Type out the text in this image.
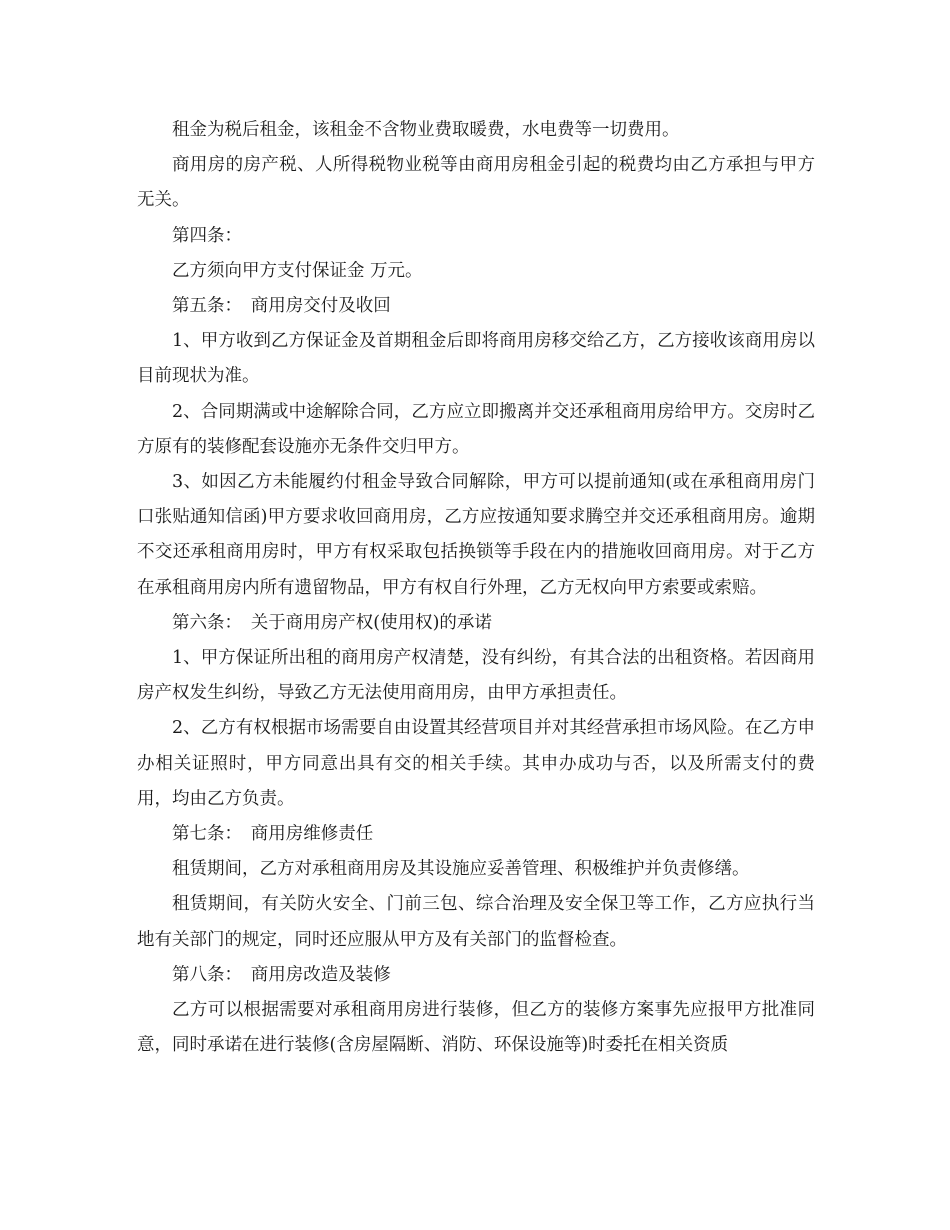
租金为税后租金，该租金不含物业费取暖费，水电费等一切费用。

商用房的房产税、人所得税物业税等由商用房租金引起的税费均由乙方承担与甲方无关。

第四条：

乙方须向甲方支付保证金 万元。

第五条：　商用房交付及收回

1、甲方收到乙方保证金及首期租金后即将商用房移交给乙方，乙方接收该商用房以目前现状为准。

2、合同期满或中途解除合同，乙方应立即搬离并交还承租商用房给甲方。交房时乙方原有的装修配套设施亦无条件交归甲方。

3、如因乙方未能履约付租金导致合同解除，甲方可以提前通知(或在承租商用房门口张贴通知信函)甲方要求收回商用房，乙方应按通知要求腾空并交还承租商用房。逾期不交还承租商用房时，甲方有权采取包括换锁等手段在内的措施收回商用房。对于乙方在承租商用房内所有遗留物品，甲方有权自行外理，乙方无权向甲方索要或索赔。

第六条：　关于商用房产权(使用权)的承诺

1、甲方保证所出租的商用房产权清楚，没有纠纷，有其合法的出租资格。若因商用房产权发生纠纷，导致乙方无法使用商用房，由甲方承担责任。

2、乙方有权根据市场需要自由设置其经营项目并对其经营承担市场风险。在乙方申办相关证照时，甲方同意出具有交的相关手续。其申办成功与否，以及所需支付的费用，均由乙方负责。

第七条：　商用房维修责任

租赁期间，乙方对承租商用房及其设施应妥善管理、积极维护并负责修缮。

租赁期间，有关防火安全、门前三包、综合治理及安全保卫等工作，乙方应执行当地有关部门的规定，同时还应服从甲方及有关部门的监督检查。

第八条：　商用房改造及装修

乙方可以根据需要对承租商用房进行装修，但乙方的装修方案事先应报甲方批准同意，同时承诺在进行装修(含房屋隔断、消防、环保设施等)时委托在相关资质
